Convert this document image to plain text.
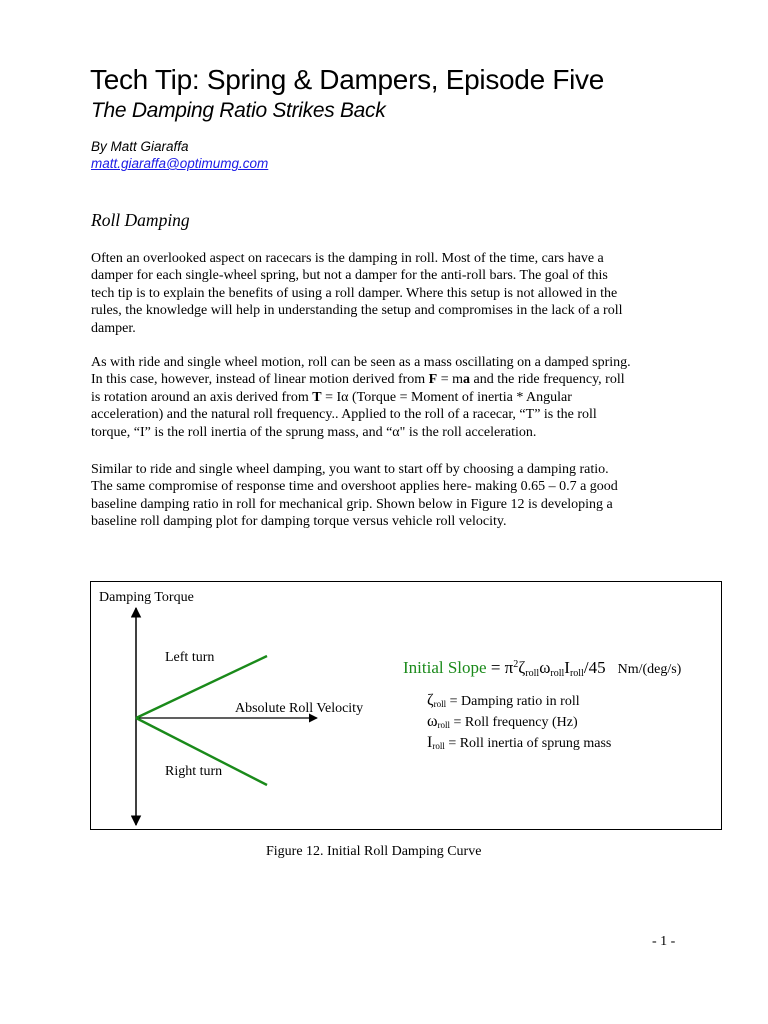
Tech Tip: Spring & Dampers, Episode Five
The Damping Ratio Strikes Back
By Matt Giaraffa
matt.giaraffa@optimumg.com
Roll Damping

Often an overlooked aspect on racecars is the damping in roll. Most of the time, cars have a
damper for each single-wheel spring, but not a damper for the anti-roll bars. The goal of this
tech tip is to explain the benefits of using a roll damper. Where this setup is not allowed in the
rules, the knowledge will help in understanding the setup and compromises in the lack of a roll
damper.

As with ride and single wheel motion, roll can be seen as a mass oscillating on a damped spring.
In this case, however, instead of linear motion derived from F = ma and the ride frequency, roll
is rotation around an axis derived from T = Iα (Torque = Moment of inertia * Angular
acceleration) and the natural roll frequency.. Applied to the roll of a racecar, “T” is the roll
torque, “I” is the roll inertia of the sprung mass, and “α" is the roll acceleration.

Similar to ride and single wheel damping, you want to start off by choosing a damping ratio.
The same compromise of response time and overshoot applies here- making 0.65 – 0.7 a good
baseline damping ratio in roll for mechanical grip. Shown below in Figure 12 is developing a
baseline roll damping plot for damping torque versus vehicle roll velocity.

Damping Torque
Left turn
Absolute Roll Velocity
Right turn
Initial Slope = $\pi^2\zeta_{roll}\omega_{roll}I_{roll}/45$ Nm/(deg/s)
$\zeta_{roll}$ = Damping ratio in roll
$\omega_{roll}$ = Roll frequency (Hz)
$I_{roll}$ = Roll inertia of sprung mass
Figure 12. Initial Roll Damping Curve
- 1 -
